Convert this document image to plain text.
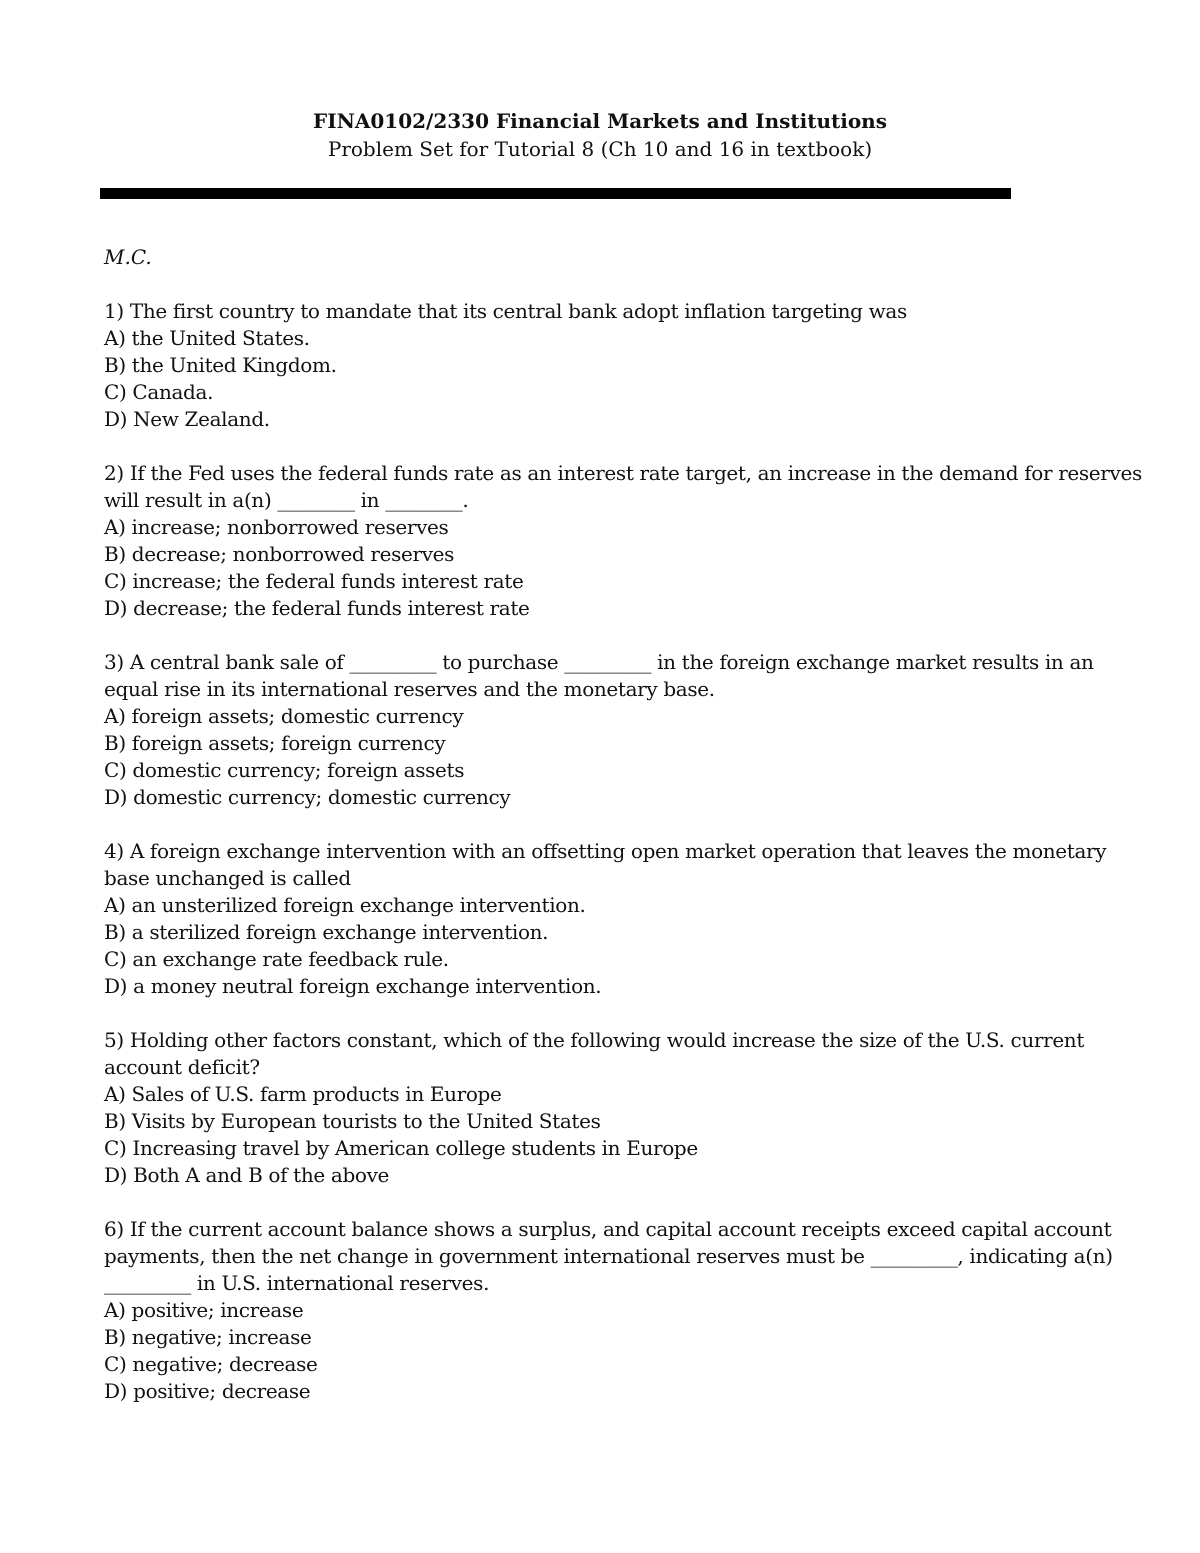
FINA0102/2330 Financial Markets and Institutions
Problem Set for Tutorial 8 (Ch 10 and 16 in textbook)
M.C.
1) The first country to mandate that its central bank adopt inflation targeting was
A) the United States.
B) the United Kingdom.
C) Canada.
D) New Zealand.
2) If the Fed uses the federal funds rate as an interest rate target, an increase in the demand for reserves
will result in a(n) ________ in ________.
A) increase; nonborrowed reserves
B) decrease; nonborrowed reserves
C) increase; the federal funds interest rate
D) decrease; the federal funds interest rate
3) A central bank sale of _________ to purchase _________ in the foreign exchange market results in an
equal rise in its international reserves and the monetary base.
A) foreign assets; domestic currency
B) foreign assets; foreign currency
C) domestic currency; foreign assets
D) domestic currency; domestic currency
4) A foreign exchange intervention with an offsetting open market operation that leaves the monetary
base unchanged is called
A) an unsterilized foreign exchange intervention.
B) a sterilized foreign exchange intervention.
C) an exchange rate feedback rule.
D) a money neutral foreign exchange intervention.
5) Holding other factors constant, which of the following would increase the size of the U.S. current
account deficit?
A) Sales of U.S. farm products in Europe
B) Visits by European tourists to the United States
C) Increasing travel by American college students in Europe
D) Both A and B of the above
6) If the current account balance shows a surplus, and capital account receipts exceed capital account
payments, then the net change in government international reserves must be _________, indicating a(n)
_________ in U.S. international reserves.
A) positive; increase
B) negative; increase
C) negative; decrease
D) positive; decrease
